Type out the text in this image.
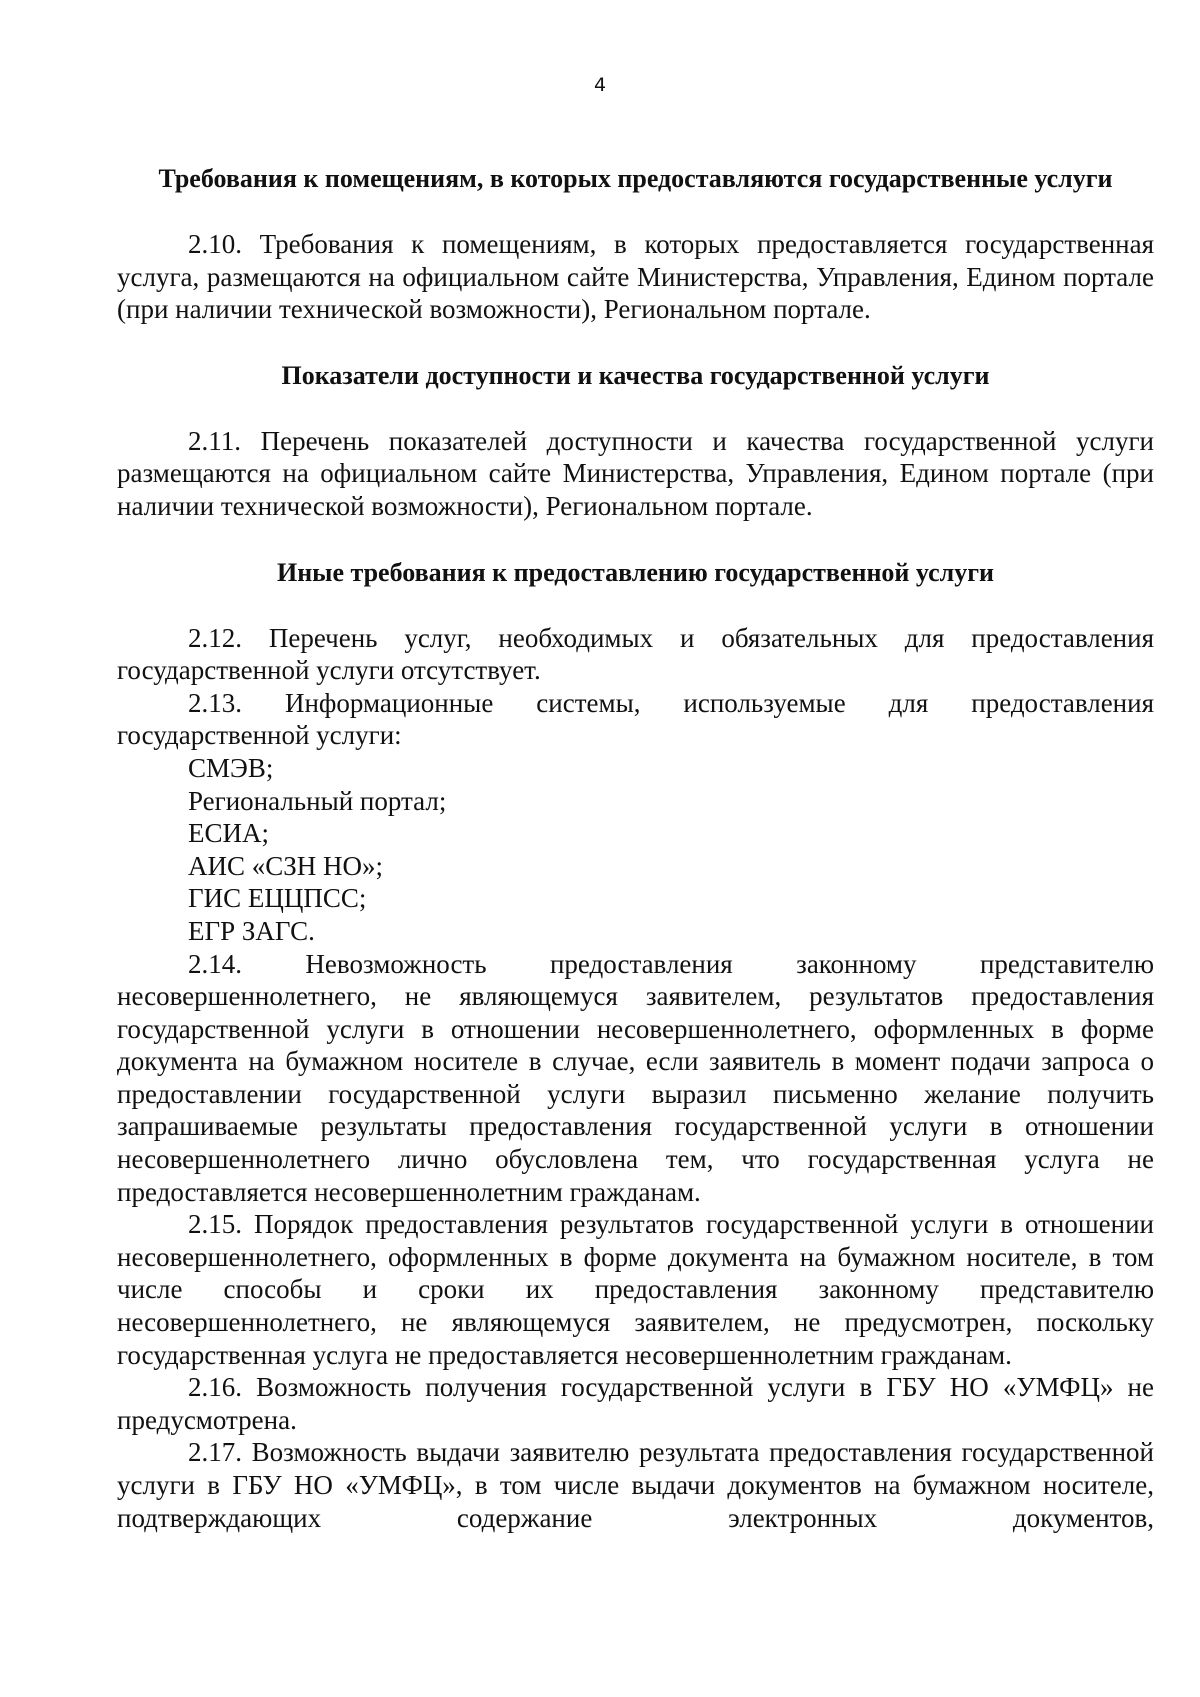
4

Требования к помещениям, в которых предоставляются государственные услуги

2.10. Требования к помещениям, в которых предоставляется государственная услуга, размещаются на официальном сайте Министерства, Управления, Едином портале (при наличии технической возможности), Региональном портале.

Показатели доступности и качества государственной услуги

2.11. Перечень показателей доступности и качества государственной услуги размещаются на официальном сайте Министерства, Управления, Едином портале (при наличии технической возможности), Региональном портале.

Иные требования к предоставлению государственной услуги

2.12. Перечень услуг, необходимых и обязательных для предоставления государственной услуги отсутствует.

2.13. Информационные системы, используемые для предоставления

государственной услуги:

СМЭВ;

Региональный портал;

ЕСИА;

АИС «СЗН НО»;

ГИС ЕЦЦПСС;

ЕГР ЗАГС.

2.14. Невозможность предоставления законному представителю несовершеннолетнего, не являющемуся заявителем, результатов предоставления государственной услуги в отношении несовершеннолетнего, оформленных в форме документа на бумажном носителе в случае, если заявитель в момент подачи запроса о предоставлении государственной услуги выразил письменно желание получить запрашиваемые результаты предоставления государственной услуги в отношении несовершеннолетнего лично обусловлена тем, что государственная услуга не предоставляется несовершеннолетним гражданам.

2.15. Порядок предоставления результатов государственной услуги в отношении несовершеннолетнего, оформленных в форме документа на бумажном носителе, в том числе способы и сроки их предоставления законному представителю несовершеннолетнего, не являющемуся заявителем, не предусмотрен, поскольку государственная услуга не предоставляется несовершеннолетним гражданам.

2.16. Возможность получения государственной услуги в ГБУ НО «УМФЦ» не предусмотрена.

2.17. Возможность выдачи заявителю результата предоставления государственной услуги в ГБУ НО «УМФЦ», в том числе выдачи документов на бумажном носителе, подтверждающих содержание электронных документов,
